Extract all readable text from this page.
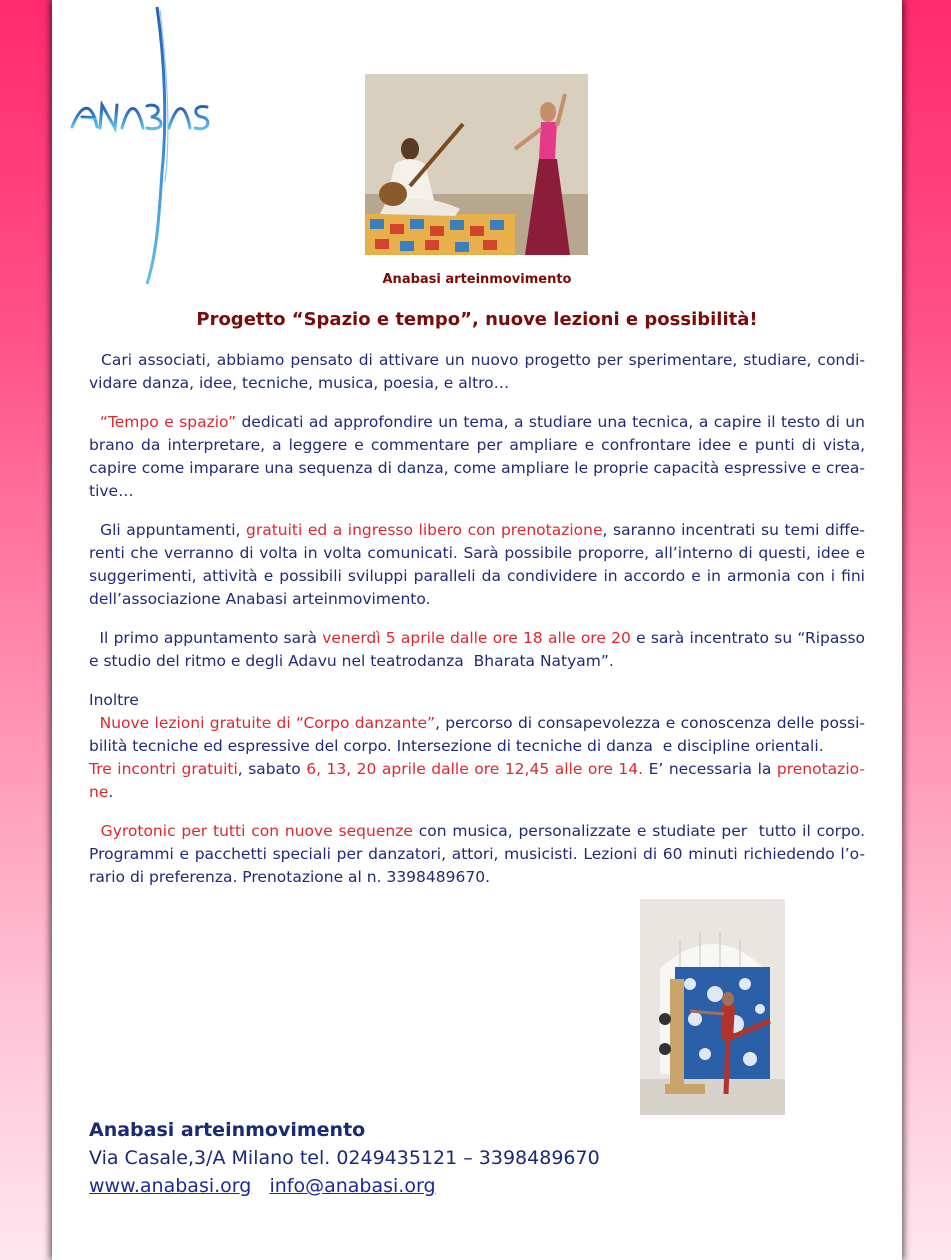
Anabasi arteinmovimento
Progetto “Spazio e tempo”, nuove lezioni e possibilità!

Cari associati, abbiamo pensato di attivare un nuovo progetto per sperimentare, studiare, condi-vidare danza, idee, tecniche, musica, poesia, e altro…

“Tempo e spazio” dedicati ad approfondire un tema, a studiare una tecnica, a capire il testo di un brano da interpretare, a leggere e commentare per ampliare e confrontare idee e punti di vista, capire come imparare una sequenza di danza, come ampliare le proprie capacità espressive e crea-tive…

Gli appuntamenti, gratuiti ed a ingresso libero con prenotazione, saranno incentrati su temi diffe-renti che verranno di volta in volta comunicati. Sarà possibile proporre, all’interno di questi, idee e suggerimenti, attività e possibili sviluppi paralleli da condividere in accordo e in armonia con i fini dell’associazione Anabasi arteinmovimento.

Il primo appuntamento sarà venerdì 5 aprile dalle ore 18 alle ore 20 e sarà incentrato su “Ripasso e studio del ritmo e degli Adavu nel teatrodanza  Bharata Natyam”.

Inoltre

Nuove lezioni gratuite di “Corpo danzante”, percorso di consapevolezza e conoscenza delle possi-bilità tecniche ed espressive del corpo. Intersezione di tecniche di danza  e discipline orientali.

Tre incontri gratuiti, sabato 6, 13, 20 aprile dalle ore 12,45 alle ore 14. E’ necessaria la prenotazio-ne.

Gyrotonic per tutti con nuove sequenze con musica, personalizzate e studiate per  tutto il corpo. Programmi e pacchetti speciali per danzatori, attori, musicisti. Lezioni di 60 minuti richiedendo l’o-rario di preferenza. Prenotazione al n. 3398489670.

Anabasi arteinmovimento
Via Casale,3/A Milano tel. 0249435121 – 3398489670
www.anabasi.org info@anabasi.org
